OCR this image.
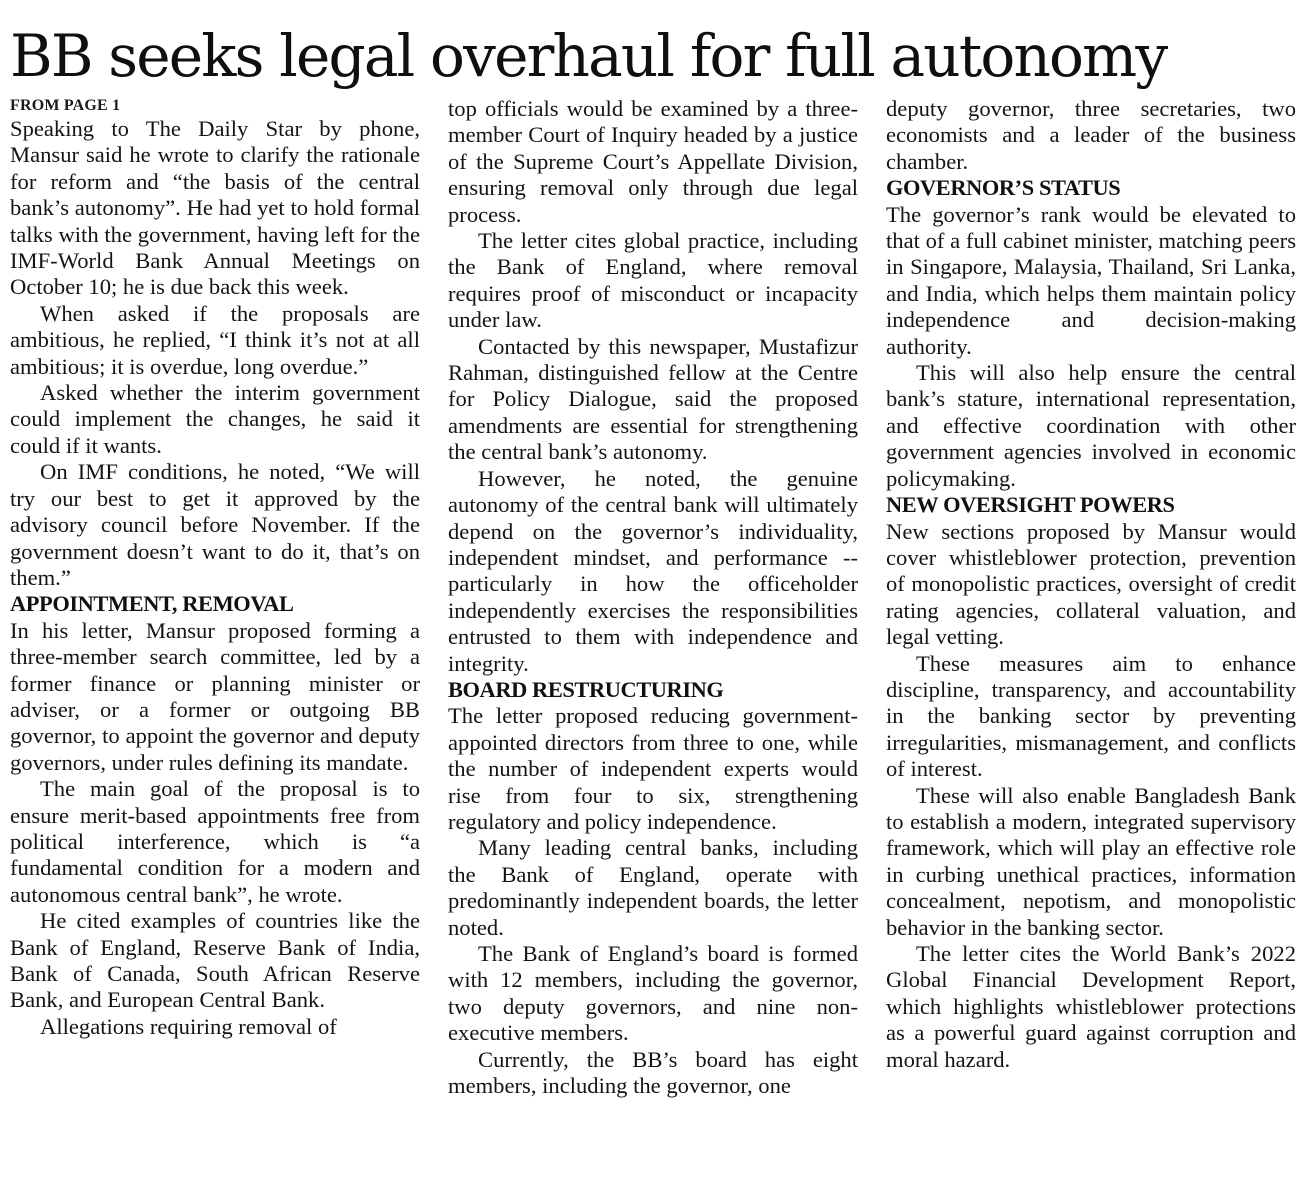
BB seeks legal overhaul for full autonomy
FROM PAGE 1

Speaking to The Daily Star by phone, Mansur said he wrote to clarify the rationale for reform and “the basis of the central bank’s autonomy”. He had yet to hold formal talks with the government, having left for the IMF-World Bank Annual Meetings on October 10; he is due back this week.

When asked if the proposals are ambitious, he replied, “I think it’s not at all ambitious; it is overdue, long overdue.”

Asked whether the interim government could implement the changes, he said it could if it wants.

On IMF conditions, he noted, “We will try our best to get it approved by the advisory council before November. If the government doesn’t want to do it, that’s on them.”

APPOINTMENT, REMOVAL

In his letter, Mansur proposed forming a three-member search committee, led by a former finance or planning minister or adviser, or a former or outgoing BB governor, to appoint the governor and deputy governors, under rules defining its mandate.

The main goal of the proposal is to ensure merit-based appointments free from political interference, which is “a fundamental condition for a modern and autonomous central bank”, he wrote.

He cited examples of countries like the Bank of England, Reserve Bank of India, Bank of Canada, South African Reserve Bank, and European Central Bank.

Allegations requiring removal of

top officials would be examined by a three-member Court of Inquiry headed by a justice of the Supreme Court’s Appellate Division, ensuring removal only through due legal process.

The letter cites global practice, including the Bank of England, where removal requires proof of misconduct or incapacity under law.

Contacted by this newspaper, Mustafizur Rahman, distinguished fellow at the Centre for Policy Dialogue, said the proposed amendments are essential for strengthening the central bank’s autonomy.

However, he noted, the genuine autonomy of the central bank will ultimately depend on the governor’s individuality, independent mindset, and performance -- particularly in how the officeholder independently exercises the responsibilities entrusted to them with independence and integrity.

BOARD RESTRUCTURING

The letter proposed reducing government-appointed directors from three to one, while the number of independent experts would rise from four to six, strengthening regulatory and policy independence.

Many leading central banks, including the Bank of England, operate with predominantly independent boards, the letter noted.

The Bank of England’s board is formed with 12 members, including the governor, two deputy governors, and nine non-executive members.

Currently, the BB’s board has eight members, including the governor, one

deputy governor, three secretaries, two economists and a leader of the business chamber.

GOVERNOR’S STATUS

The governor’s rank would be elevated to that of a full cabinet minister, matching peers in Singapore, Malaysia, Thailand, Sri Lanka, and India, which helps them maintain policy independence and decision-making authority.

This will also help ensure the central bank’s stature, international representation, and effective coordination with other government agencies involved in economic policymaking.

NEW OVERSIGHT POWERS

New sections proposed by Mansur would cover whistleblower protection, prevention of monopolistic practices, oversight of credit rating agencies, collateral valuation, and legal vetting.

These measures aim to enhance discipline, transparency, and accountability in the banking sector by preventing irregularities, mismanagement, and conflicts of interest.

These will also enable Bangladesh Bank to establish a modern, integrated supervisory framework, which will play an effective role in curbing unethical practices, information concealment, nepotism, and monopolistic behavior in the banking sector.

The letter cites the World Bank’s 2022 Global Financial Development Report, which highlights whistleblower protections as a powerful guard against corruption and moral hazard.
